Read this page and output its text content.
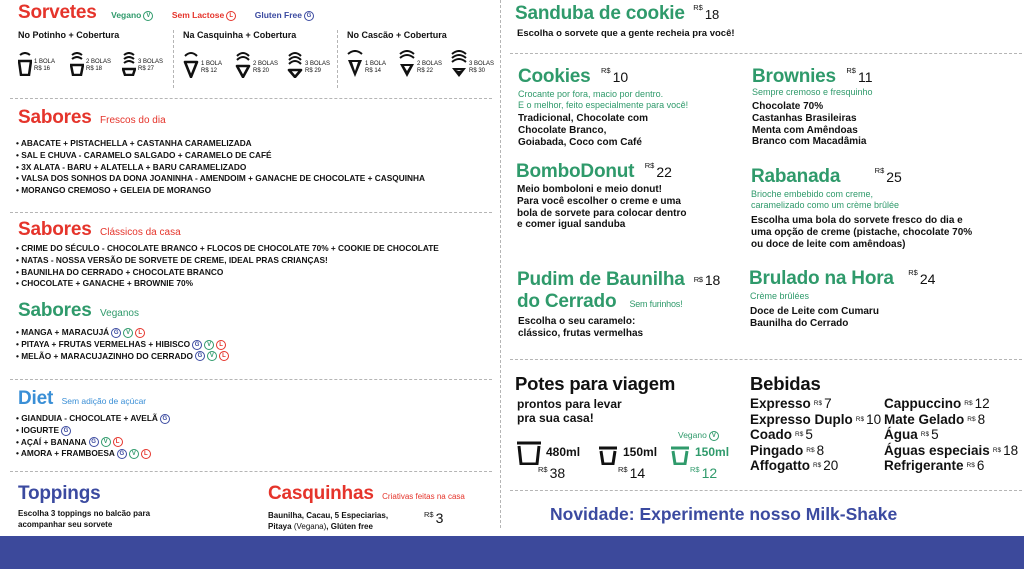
Sorvetes Vegano V	Sem Lactose L	Gluten Free G
No Potinho + Cobertura
1 BOLA
R$ 16
2 BOLAS
R$ 18
3 BOLAS
R$ 27
Na Casquinha + Cobertura
1 BOLA
R$ 12
2 BOLAS
R$ 20
3 BOLAS
R$ 29
No Cascão + Cobertura
1 BOLA
R$ 14
2 BOLAS
R$ 22
3 BOLAS
R$ 30
Sabores Frescos do dia
• ABACATE + PISTACHELLA + CASTANHA CARAMELIZADA
• SAL E CHUVA - CARAMELO SALGADO + CARAMELO DE CAFÉ
• 3X ALATA - BARU + ALATELLA + BARU CARAMELIZADO
• VALSA DOS SONHOS DA DONA JOANINHA - AMENDOIM + GANACHE DE CHOCOLATE + CASQUINHA
• MORANGO CREMOSO + GELEIA DE MORANGO
Sabores Clássicos da casa
• CRIME DO SÉCULO - CHOCOLATE BRANCO + FLOCOS DE CHOCOLATE 70% + COOKIE DE CHOCOLATE
• NATAS - NOSSA VERSÃO DE SORVETE DE CREME, IDEAL PRAS CRIANÇAS!
• BAUNILHA DO CERRADO + CHOCOLATE BRANCO
• CHOCOLATE + GANACHE + BROWNIE 70%
Sabores Veganos
• MANGA + MARACUJÁ G V L
• PITAYA + FRUTAS VERMELHAS + HIBISCO G V L
• MELÃO + MARACUJAZINHO DO CERRADO G V L
Diet Sem adição de açúcar
• GIANDUIA - CHOCOLATE + AVELÃ G
• IOGURTE G
• AÇAÍ + BANANA G V L
• AMORA + FRAMBOESA G V L
Toppings
Escolha 3 toppings no balcão para acompanhar seu sorvete
Casquinhas Criativas feitas na casa
Baunilha, Cacau, 5 Especiarias,
Pitaya (Vegana), Glúten free
$^{R\$}$ 3
Sanduba de cookie $^{R\$}$ 18
Escolha o sorvete que a gente recheia pra você!
Cookies $^{R\$}$ 10
Crocante por fora, macio por dentro.
E o melhor, feito especialmente para você!
Tradicional, Chocolate com
Chocolate Branco,
Goiabada, Coco com Café
Brownies $^{R\$}$ 11
Sempre cremoso e fresquinho
Chocolate 70%
Castanhas Brasileiras
Menta com Amêndoas
Branco com Macadâmia
BomboDonut $^{R\$}$ 22
Meio bomboloni e meio donut!
Para você escolher o creme e uma
bola de sorvete para colocar dentro
e comer igual sanduba
Rabanada	$^{R\$}$ 25
Brioche embebido com creme,
caramelizado como um crème brûlée
Escolha uma bola do sorvete fresco do dia e
uma opção de creme (pistache, chocolate 70%
ou doce de leite com amêndoas)
Pudim de Baunilha $^{R\$}$ 18
do Cerrado Sem furinhos!
Escolha o seu caramelo:
clássico, frutas vermelhas
Brulado na Hora $^{R\$}$ 24
Crème brûlées
Doce de Leite com Cumaru
Baunilha do Cerrado
Potes para viagem
prontos para levar
pra sua casa!
Vegano V
480ml
$^{R\$}$ 38
150ml
$^{R\$}$ 14
150ml
$^{R\$}$ 12
Bebidas
Expresso $^{R\$}$ 7
Expresso Duplo $^{R\$}$ 10
Coado $^{R\$}$ 5
Pingado $^{R\$}$ 8
Affogatto $^{R\$}$ 20
Cappuccino $^{R\$}$ 12
Mate Gelado $^{R\$}$ 8
Água $^{R\$}$ 5
Águas especiais $^{R\$}$ 18
Refrigerante $^{R\$}$ 6
Novidade: Experimente nosso Milk-Shake
